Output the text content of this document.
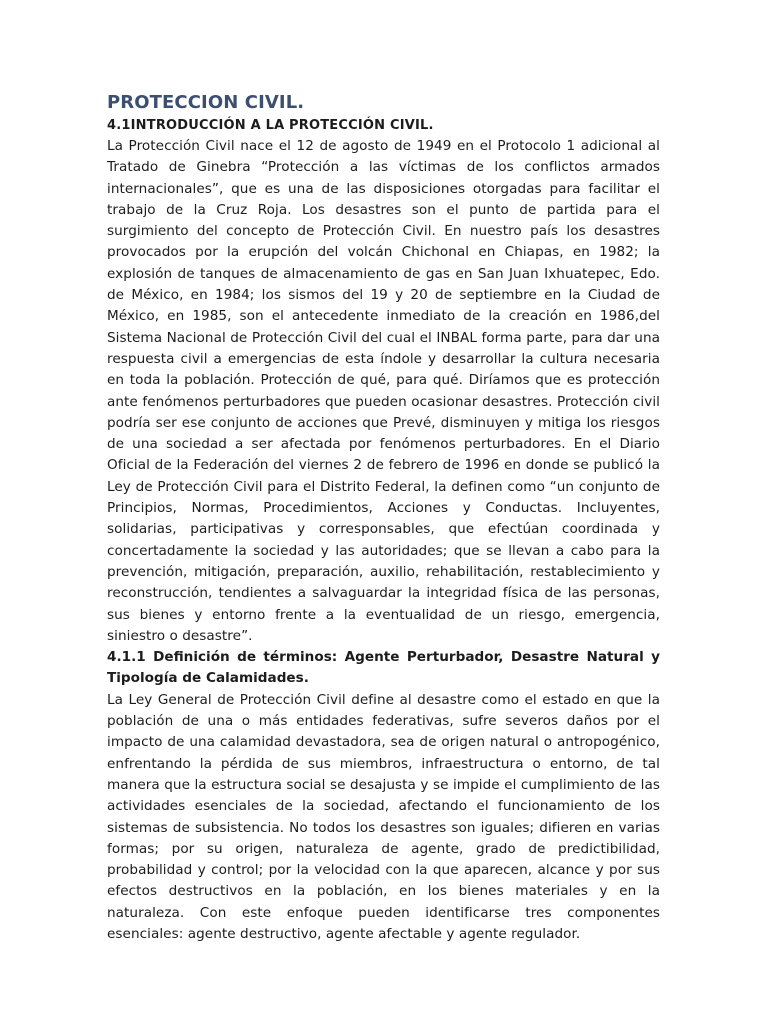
PROTECCION CIVIL.
4.1INTRODUCCIÓN A LA PROTECCIÓN CIVIL.

La Protección Civil nace el 12 de agosto de 1949 en el Protocolo 1 adicional al Tratado de Ginebra “Protección a las víctimas de los conflictos armados internacionales”, que es una de las disposiciones otorgadas para facilitar el trabajo de la Cruz Roja. Los desastres son el punto de partida para el surgimiento del concepto de Protección Civil. En nuestro país los desastres provocados por la erupción del volcán Chichonal en Chiapas, en 1982; la explosión de tanques de almacenamiento de gas en San Juan Ixhuatepec, Edo. de México, en 1984; los sismos del 19 y 20 de septiembre en la Ciudad de México, en 1985, son el antecedente inmediato de la creación en 1986,del Sistema Nacional de Protección Civil del cual el INBAL forma parte, para dar una respuesta civil a emergencias de esta índole y desarrollar la cultura necesaria en toda la población. Protección de qué, para qué. Diríamos que es protección ante fenómenos perturbadores que pueden ocasionar desastres. Protección civil podría ser ese conjunto de acciones que Prevé, disminuyen y mitiga los riesgos de una sociedad a ser afectada por fenómenos perturbadores. En el Diario Oficial de la Federación del viernes 2 de febrero de 1996 en donde se publicó la Ley de Protección Civil para el Distrito Federal, la definen como “un conjunto de Principios, Normas, Procedimientos, Acciones y Conductas. Incluyentes, solidarias, participativas y corresponsables, que efectúan coordinada y concertadamente la sociedad y las autoridades; que se llevan a cabo para la prevención, mitigación, preparación, auxilio, rehabilitación, restablecimiento y reconstrucción, tendientes a salvaguardar la integridad física de las personas, sus bienes y entorno frente a la eventualidad de un riesgo, emergencia, siniestro o desastre”.

4.1.1 Definición de términos: Agente Perturbador, Desastre Natural y Tipología de Calamidades.

La Ley General de Protección Civil define al desastre como el estado en que la población de una o más entidades federativas, sufre severos daños por el impacto de una calamidad devastadora, sea de origen natural o antropogénico, enfrentando la pérdida de sus miembros, infraestructura o entorno, de tal manera que la estructura social se desajusta y se impide el cumplimiento de las actividades esenciales de la sociedad, afectando el funcionamiento de los sistemas de subsistencia. No todos los desastres son iguales; difieren en varias formas; por su origen, naturaleza de agente, grado de predictibilidad, probabilidad y control; por la velocidad con la que aparecen, alcance y por sus efectos destructivos en la población, en los bienes materiales y en la naturaleza. Con este enfoque pueden identificarse tres componentes esenciales: agente destructivo, agente afectable y agente regulador.
